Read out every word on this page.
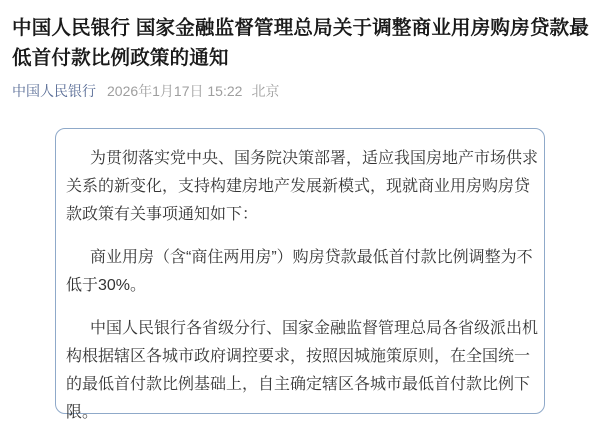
中国人民银行 国家金融监督管理总局关于调整商业用房购房贷款最低首付款比例政策的通知
中国人民银行 2026年1月17日 15:22 北京

为贯彻落实党中央、国务院决策部署，适应我国房地产市场供求关系的新变化，支持构建房地产发展新模式，现就商业用房购房贷款政策有关事项通知如下：

商业用房（含“商住两用房”）购房贷款最低首付款比例调整为不低于30%。

中国人民银行各省级分行、国家金融监督管理总局各省级派出机构根据辖区各城市政府调控要求，按照因城施策原则，在全国统一的最低首付款比例基础上，自主确定辖区各城市最低首付款比例下限。
